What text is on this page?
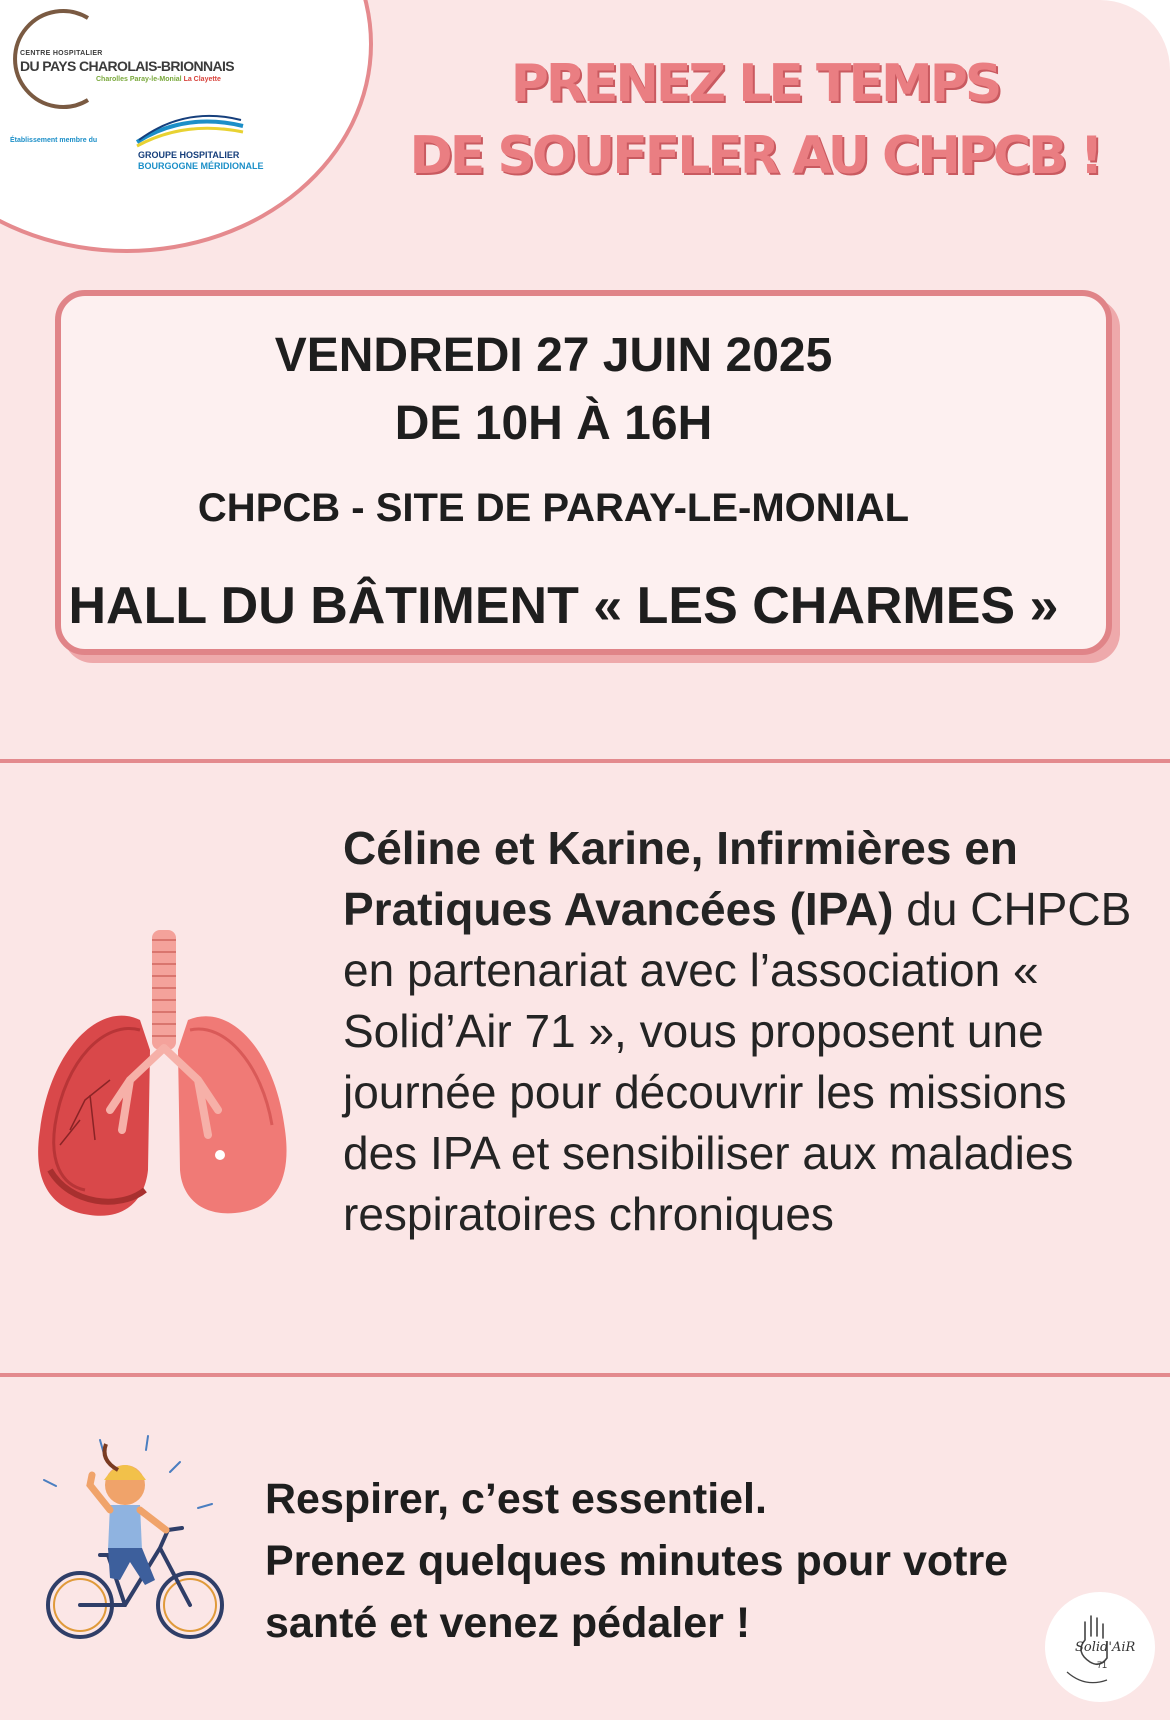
CENTRE HOSPITALIER
DU PAYS CHAROLAIS-BRIONNAIS
Charolles Paray-le-Monial La Clayette
Établissement membre du
GROUPE HOSPITALIER
BOURGOGNE MÉRIDIONALE
PRENEZ LE TEMPS
DE SOUFFLER AU CHPCB !
VENDREDI 27 JUIN 2025
DE 10H À 16H
CHPCB - SITE DE PARAY-LE-MONIAL
HALL DU BÂTIMENT « LES CHARMES »
Céline et Karine, Infirmières en Pratiques Avancées (IPA) du CHPCB en partenariat avec l’association « Solid’Air 71 », vous proposent une journée pour découvrir les missions des IPA et sensibiliser aux maladies respiratoires chroniques
Respirer, c’est essentiel.
Prenez quelques minutes pour votre santé et venez pédaler !
Solid'AiR
71
